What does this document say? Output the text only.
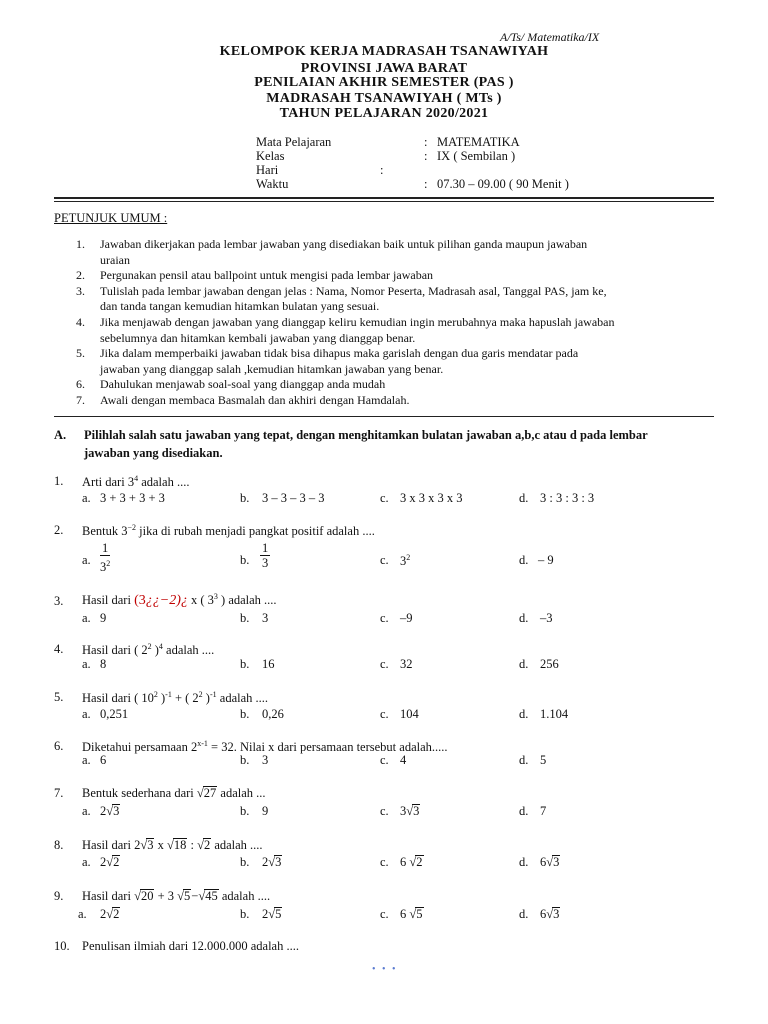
A/Ts/ Matematika/IX
KELOMPOK KERJA MADRASAH TSANAWIYAH
PROVINSI JAWA BARAT
PENILAIAN AKHIR SEMESTER (PAS )
MADRASAH TSANAWIYAH ( MTs )
TAHUN PELAJARAN 2020/2021
Mata Pelajaran	: MATEMATIKA
Kelas	: IX ( Sembilan )
Hari	:
Waktu	: 07.30 – 09.00 ( 90 Menit )
PETUNJUK UMUM :
1. Jawaban dikerjakan pada lembar jawaban yang disediakan baik untuk pilihan ganda maupun jawaban
uraian
2. Pergunakan pensil atau ballpoint untuk mengisi pada lembar jawaban
3. Tulislah pada lembar jawaban dengan jelas : Nama, Nomor Peserta, Madrasah asal, Tanggal PAS, jam ke,
dan tanda tangan kemudian hitamkan bulatan yang sesuai.
4. Jika menjawab dengan jawaban yang dianggap keliru kemudian ingin merubahnya maka hapuslah jawaban
sebelumnya dan hitamkan kembali jawaban yang dianggap benar.
5. Jika dalam memperbaiki jawaban tidak bisa dihapus maka garislah dengan dua garis mendatar pada
jawaban yang dianggap salah ,kemudian hitamkan jawaban yang benar.
6. Dahulukan menjawab soal-soal yang dianggap anda mudah
7. Awali dengan membaca Basmalah dan akhiri dengan Hamdalah.
A.	Pilihlah salah satu jawaban yang tepat, dengan menghitamkan bulatan jawaban a,b,c atau d pada lembar jawaban yang disediakan.
1. Arti dari $3^4$ adalah ....
a. 3 + 3 + 3 + 3	b. 3 – 3 – 3 – 3	c. 3 x 3 x 3 x 3	d. 3 : 3 : 3 : 3
2. Bentuk $3^{-2}$ jika di rubah menjadi pangkat positif adalah ....
a. $\frac{1}{3^2}$	b. $\frac{1}{3}$	c. $3^2$	d. – 9
3. Hasil dari (3¿¿−2)¿ x ( $3^3$ ) adalah ....
a. 9	b. 3	c. –9	d. –3
4. Hasil dari ( $2^2$ )$^4$ adalah ....
a. 8	b. 16	c. 32	d. 256
5. Hasil dari ( $10^2$ )$^{-1}$ + ( $2^2$ )$^{-1}$ adalah ....
a. 0,251	b. 0,26	c. 104	d. 1.104
6. Diketahui persamaan $2^{x-1} = 32$. Nilai x dari persamaan tersebut adalah.....
a. 6	b. 3	c. 4	d. 5
7. Bentuk sederhana dari √27 adalah ...
a. 2√3	b. 9	c. 3√3	d. 7
8. Hasil dari 2√3 x √18 : √2 adalah ....
a. 2√2	b. 2√3	c. 6 √2	d. 6√3
9. Hasil dari √20 + 3 √5−√45 adalah ....
a. 2√2	b. 2√5	c. 6 √5	d. 6√3
10. Penulisan ilmiah dari 12.000.000 adalah ....
• • •
